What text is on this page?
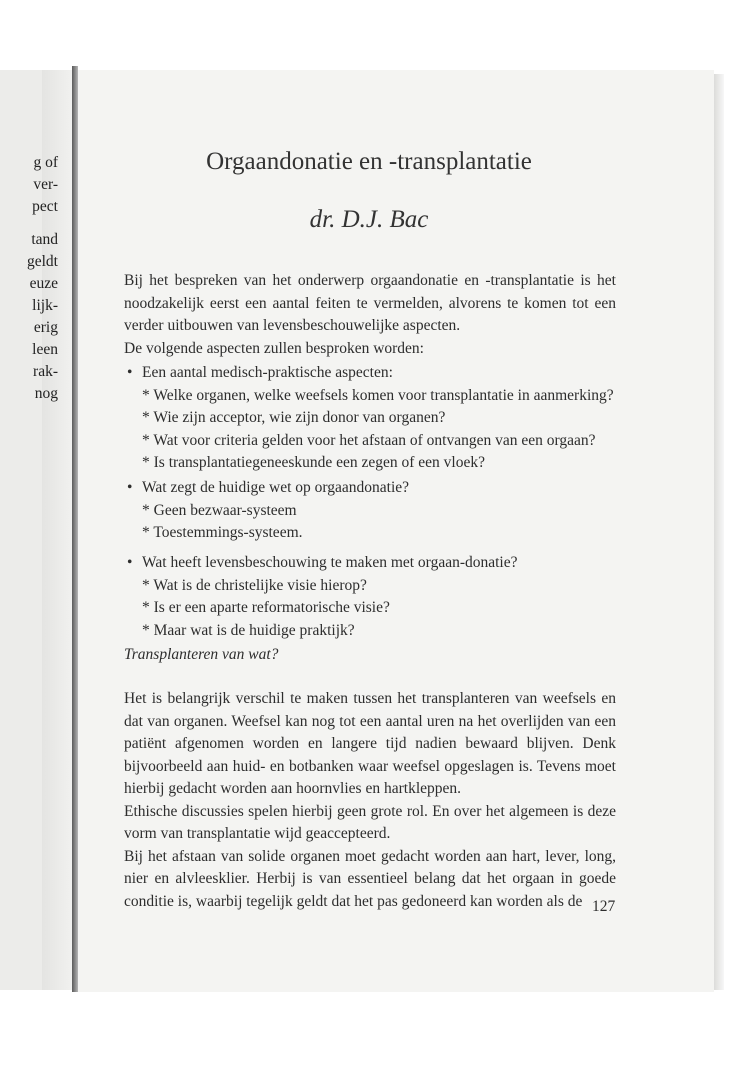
g of
ver-
pect
tand
geldt
euze
lijk-
erig
leen
rak-
nog
Orgaandonatie en -transplantatie
dr. D.J. Bac

Bij het bespreken van het onderwerp orgaandonatie en -transplantatie is het noodzakelijk eerst een aantal feiten te vermelden, alvorens te komen tot een verder uitbouwen van levensbeschouwelijke aspecten.

De volgende aspecten zullen besproken worden:

• Een aantal medisch-praktische aspecten:
* Welke organen, welke weefsels komen voor transplantatie in aanmerking?
* Wie zijn acceptor, wie zijn donor van organen?
* Wat voor criteria gelden voor het afstaan of ontvangen van een orgaan?
* Is transplantatiegeneeskunde een zegen of een vloek?
• Wat zegt de huidige wet op orgaandonatie?
* Geen bezwaar-systeem
* Toestemmings-systeem.
• Wat heeft levensbeschouwing te maken met orgaan-donatie?
* Wat is de christelijke visie hierop?
* Is er een aparte reformatorische visie?
* Maar wat is de huidige praktijk?
Transplanteren van wat?

Het is belangrijk verschil te maken tussen het transplanteren van weefsels en dat van organen. Weefsel kan nog tot een aantal uren na het overlijden van een patiënt afgenomen worden en langere tijd nadien bewaard blijven. Denk bijvoorbeeld aan huid- en botbanken waar weefsel opgeslagen is. Tevens moet hierbij gedacht worden aan hoornvlies en hartkleppen.

Ethische discussies spelen hierbij geen grote rol. En over het algemeen is deze vorm van transplantatie wijd geaccepteerd.

Bij het afstaan van solide organen moet gedacht worden aan hart, lever, long, nier en alvleesklier. Herbij is van essentieel belang dat het orgaan in goede conditie is, waarbij tegelijk geldt dat het pas gedoneerd kan worden als de 127
